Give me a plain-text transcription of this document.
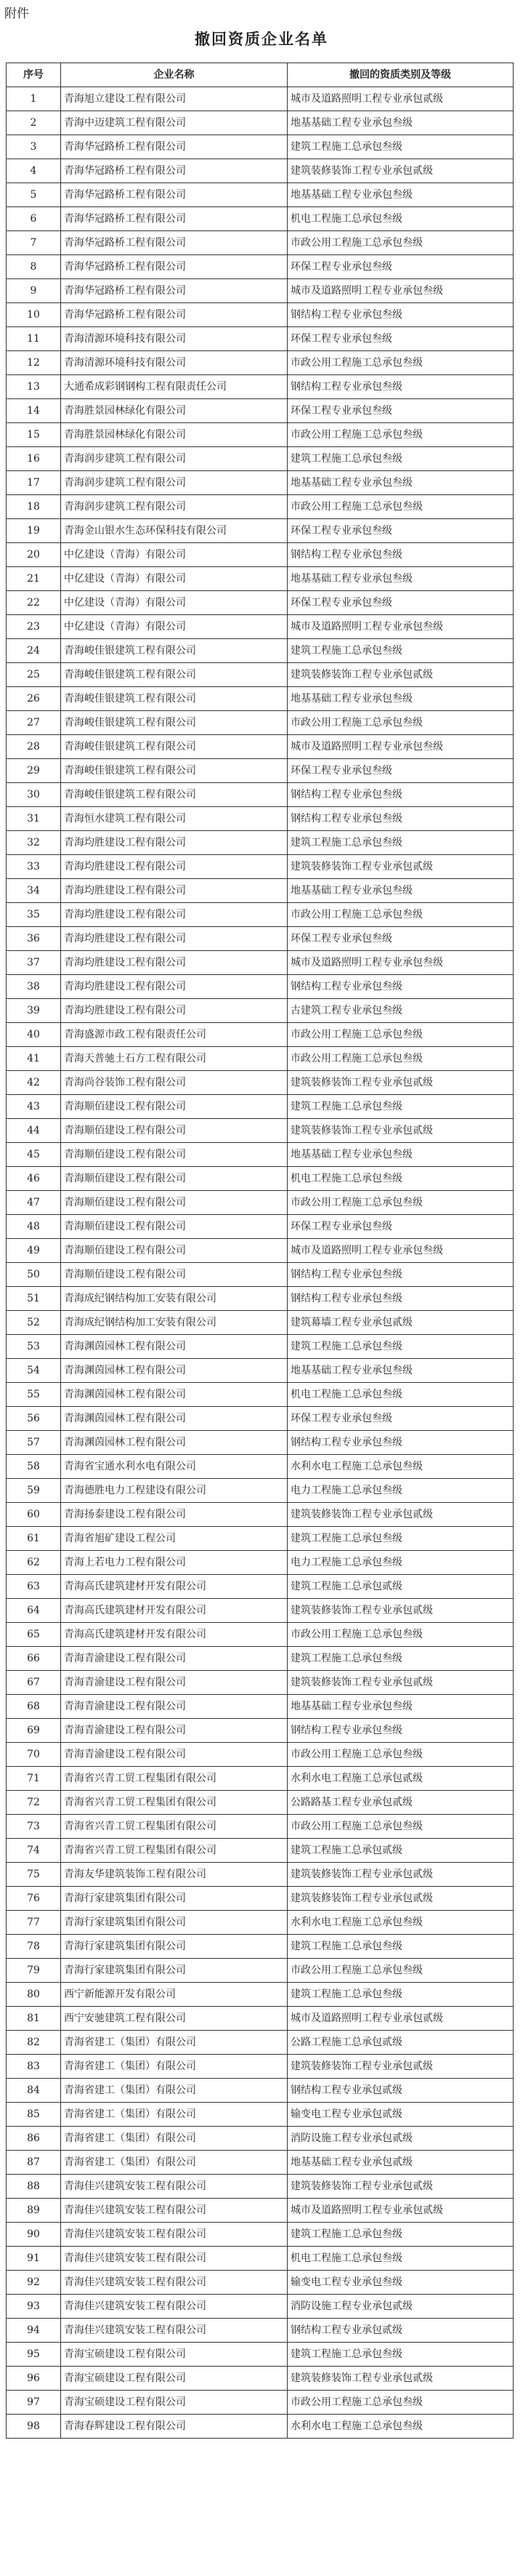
附件
撤回资质企业名单
序号	企业名称	撤回的资质类别及等级
1	青海旭立建设工程有限公司	城市及道路照明工程专业承包贰级
2	青海中迈建筑工程有限公司	地基基础工程专业承包叁级
3	青海华冠路桥工程有限公司	建筑工程施工总承包叁级
4	青海华冠路桥工程有限公司	建筑装修装饰工程专业承包贰级
5	青海华冠路桥工程有限公司	地基基础工程专业承包叁级
6	青海华冠路桥工程有限公司	机电工程施工总承包叁级
7	青海华冠路桥工程有限公司	市政公用工程施工总承包叁级
8	青海华冠路桥工程有限公司	环保工程专业承包叁级
9	青海华冠路桥工程有限公司	城市及道路照明工程专业承包叁级
10	青海华冠路桥工程有限公司	钢结构工程专业承包叁级
11	青海清源环境科技有限公司	环保工程专业承包叁级
12	青海清源环境科技有限公司	市政公用工程施工总承包叁级
13	大通希成彩钢钢构工程有限责任公司	钢结构工程专业承包叁级
14	青海胜景园林绿化有限公司	环保工程专业承包叁级
15	青海胜景园林绿化有限公司	市政公用工程施工总承包叁级
16	青海润步建筑工程有限公司	建筑工程施工总承包叁级
17	青海润步建筑工程有限公司	地基基础工程专业承包叁级
18	青海润步建筑工程有限公司	市政公用工程施工总承包叁级
19	青海金山银水生态环保科技有限公司	环保工程专业承包叁级
20	中亿建设（青海）有限公司	钢结构工程专业承包叁级
21	中亿建设（青海）有限公司	地基基础工程专业承包叁级
22	中亿建设（青海）有限公司	环保工程专业承包叁级
23	中亿建设（青海）有限公司	城市及道路照明工程专业承包叁级
24	青海峻佳银建筑工程有限公司	建筑工程施工总承包叁级
25	青海峻佳银建筑工程有限公司	建筑装修装饰工程专业承包贰级
26	青海峻佳银建筑工程有限公司	地基基础工程专业承包叁级
27	青海峻佳银建筑工程有限公司	市政公用工程施工总承包叁级
28	青海峻佳银建筑工程有限公司	城市及道路照明工程专业承包叁级
29	青海峻佳银建筑工程有限公司	环保工程专业承包叁级
30	青海峻佳银建筑工程有限公司	钢结构工程专业承包叁级
31	青海恒水建筑工程有限公司	钢结构工程专业承包叁级
32	青海均胜建设工程有限公司	建筑工程施工总承包叁级
33	青海均胜建设工程有限公司	建筑装修装饰工程专业承包贰级
34	青海均胜建设工程有限公司	地基基础工程专业承包叁级
35	青海均胜建设工程有限公司	市政公用工程施工总承包叁级
36	青海均胜建设工程有限公司	环保工程专业承包叁级
37	青海均胜建设工程有限公司	城市及道路照明工程专业承包叁级
38	青海均胜建设工程有限公司	钢结构工程专业承包叁级
39	青海均胜建设工程有限公司	古建筑工程专业承包叁级
40	青海盛源市政工程有限责任公司	市政公用工程施工总承包叁级
41	青海天普驰土石方工程有限公司	市政公用工程施工总承包叁级
42	青海尚谷装饰工程有限公司	建筑装修装饰工程专业承包贰级
43	青海顺佰建设工程有限公司	建筑工程施工总承包叁级
44	青海顺佰建设工程有限公司	建筑装修装饰工程专业承包贰级
45	青海顺佰建设工程有限公司	地基基础工程专业承包叁级
46	青海顺佰建设工程有限公司	机电工程施工总承包叁级
47	青海顺佰建设工程有限公司	市政公用工程施工总承包叁级
48	青海顺佰建设工程有限公司	环保工程专业承包叁级
49	青海顺佰建设工程有限公司	城市及道路照明工程专业承包叁级
50	青海顺佰建设工程有限公司	钢结构工程专业承包叁级
51	青海成纪钢结构加工安装有限公司	钢结构工程专业承包叁级
52	青海成纪钢结构加工安装有限公司	建筑幕墙工程专业承包贰级
53	青海渊茵园林工程有限公司	建筑工程施工总承包叁级
54	青海渊茵园林工程有限公司	地基基础工程专业承包叁级
55	青海渊茵园林工程有限公司	机电工程施工总承包叁级
56	青海渊茵园林工程有限公司	环保工程专业承包叁级
57	青海渊茵园林工程有限公司	钢结构工程专业承包叁级
58	青海省宝通水利水电有限公司	水利水电工程施工总承包叁级
59	青海德胜电力工程建设有限公司	电力工程施工总承包叁级
60	青海扬泰建设工程有限公司	建筑装修装饰工程专业承包贰级
61	青海省旭矿建设工程公司	建筑工程施工总承包叁级
62	青海上若电力工程有限公司	电力工程施工总承包叁级
63	青海高氏建筑建材开发有限公司	建筑工程施工总承包贰级
64	青海高氏建筑建材开发有限公司	建筑装修装饰工程专业承包贰级
65	青海高氏建筑建材开发有限公司	市政公用工程施工总承包叁级
66	青海青渝建设工程有限公司	建筑工程施工总承包叁级
67	青海青渝建设工程有限公司	建筑装修装饰工程专业承包贰级
68	青海青渝建设工程有限公司	地基基础工程专业承包叁级
69	青海青渝建设工程有限公司	钢结构工程专业承包叁级
70	青海青渝建设工程有限公司	市政公用工程施工总承包叁级
71	青海省兴青工贸工程集团有限公司	水利水电工程施工总承包贰级
72	青海省兴青工贸工程集团有限公司	公路路基工程专业承包贰级
73	青海省兴青工贸工程集团有限公司	市政公用工程施工总承包叁级
74	青海省兴青工贸工程集团有限公司	建筑工程施工总承包贰级
75	青海友华建筑装饰工程有限公司	建筑装修装饰工程专业承包贰级
76	青海行家建筑集团有限公司	建筑装修装饰工程专业承包贰级
77	青海行家建筑集团有限公司	水利水电工程施工总承包叁级
78	青海行家建筑集团有限公司	建筑工程施工总承包叁级
79	青海行家建筑集团有限公司	市政公用工程施工总承包叁级
80	西宁新能源开发有限公司	建筑工程施工总承包叁级
81	西宁安驰建筑工程有限公司	城市及道路照明工程专业承包贰级
82	青海省建工（集团）有限公司	公路工程施工总承包贰级
83	青海省建工（集团）有限公司	建筑装修装饰工程专业承包贰级
84	青海省建工（集团）有限公司	钢结构工程专业承包贰级
85	青海省建工（集团）有限公司	输变电工程专业承包贰级
86	青海省建工（集团）有限公司	消防设施工程专业承包贰级
87	青海省建工（集团）有限公司	地基基础工程专业承包贰级
88	青海佳兴建筑安装工程有限公司	建筑装修装饰工程专业承包贰级
89	青海佳兴建筑安装工程有限公司	城市及道路照明工程专业承包贰级
90	青海佳兴建筑安装工程有限公司	建筑工程施工总承包叁级
91	青海佳兴建筑安装工程有限公司	机电工程施工总承包叁级
92	青海佳兴建筑安装工程有限公司	输变电工程专业承包叁级
93	青海佳兴建筑安装工程有限公司	消防设施工程专业承包贰级
94	青海佳兴建筑安装工程有限公司	钢结构工程专业承包贰级
95	青海宝硕建设工程有限公司	建筑工程施工总承包叁级
96	青海宝硕建设工程有限公司	建筑装修装饰工程专业承包贰级
97	青海宝硕建设工程有限公司	市政公用工程施工总承包叁级
98	青海春辉建设工程有限公司	水利水电工程施工总承包叁级
